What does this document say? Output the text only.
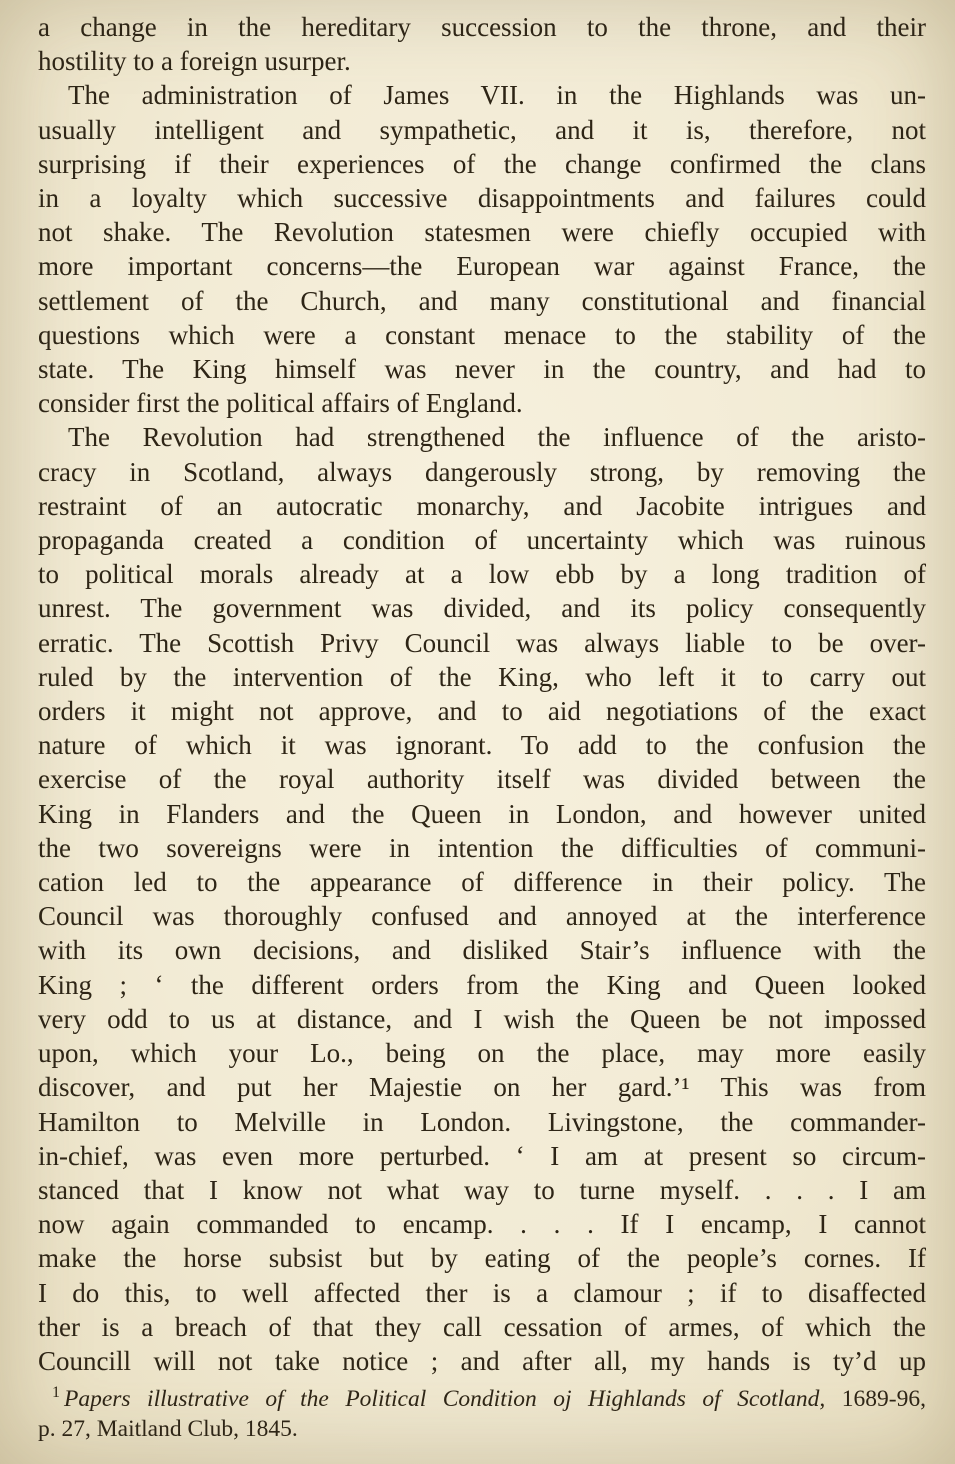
a change in the hereditary succession to the throne, and their
hostility to a foreign usurper.
The administration of James VII. in the Highlands was un-
usually intelligent and sympathetic, and it is, therefore, not
surprising if their experiences of the change confirmed the clans
in a loyalty which successive disappointments and failures could
not shake. The Revolution statesmen were chiefly occupied with
more important concerns—the European war against France, the
settlement of the Church, and many constitutional and financial
questions which were a constant menace to the stability of the
state. The King himself was never in the country, and had to
consider first the political affairs of England.
The Revolution had strengthened the influence of the aristo-
cracy in Scotland, always dangerously strong, by removing the
restraint of an autocratic monarchy, and Jacobite intrigues and
propaganda created a condition of uncertainty which was ruinous
to political morals already at a low ebb by a long tradition of
unrest. The government was divided, and its policy consequently
erratic. The Scottish Privy Council was always liable to be over-
ruled by the intervention of the King, who left it to carry out
orders it might not approve, and to aid negotiations of the exact
nature of which it was ignorant. To add to the confusion the
exercise of the royal authority itself was divided between the
King in Flanders and the Queen in London, and however united
the two sovereigns were in intention the difficulties of communi-
cation led to the appearance of difference in their policy. The
Council was thoroughly confused and annoyed at the interference
with its own decisions, and disliked Stair’s influence with the
King ; ‘ the different orders from the King and Queen looked
very odd to us at distance, and I wish the Queen be not impossed
upon, which your Lo., being on the place, may more easily
discover, and put her Majestie on her gard.’¹ This was from
Hamilton to Melville in London. Livingstone, the commander-
in-chief, was even more perturbed. ‘ I am at present so circum-
stanced that I know not what way to turne myself. . . . I am
now again commanded to encamp. . . . If I encamp, I cannot
make the horse subsist but by eating of the people’s cornes. If
I do this, to well affected ther is a clamour ; if to disaffected
ther is a breach of that they call cessation of armes, of which the
Councill will not take notice ; and after all, my hands is ty’d up
$^1$ Papers illustrative of the Political Condition oj Highlands of Scotland, 1689-96,
p. 27, Maitland Club, 1845.
